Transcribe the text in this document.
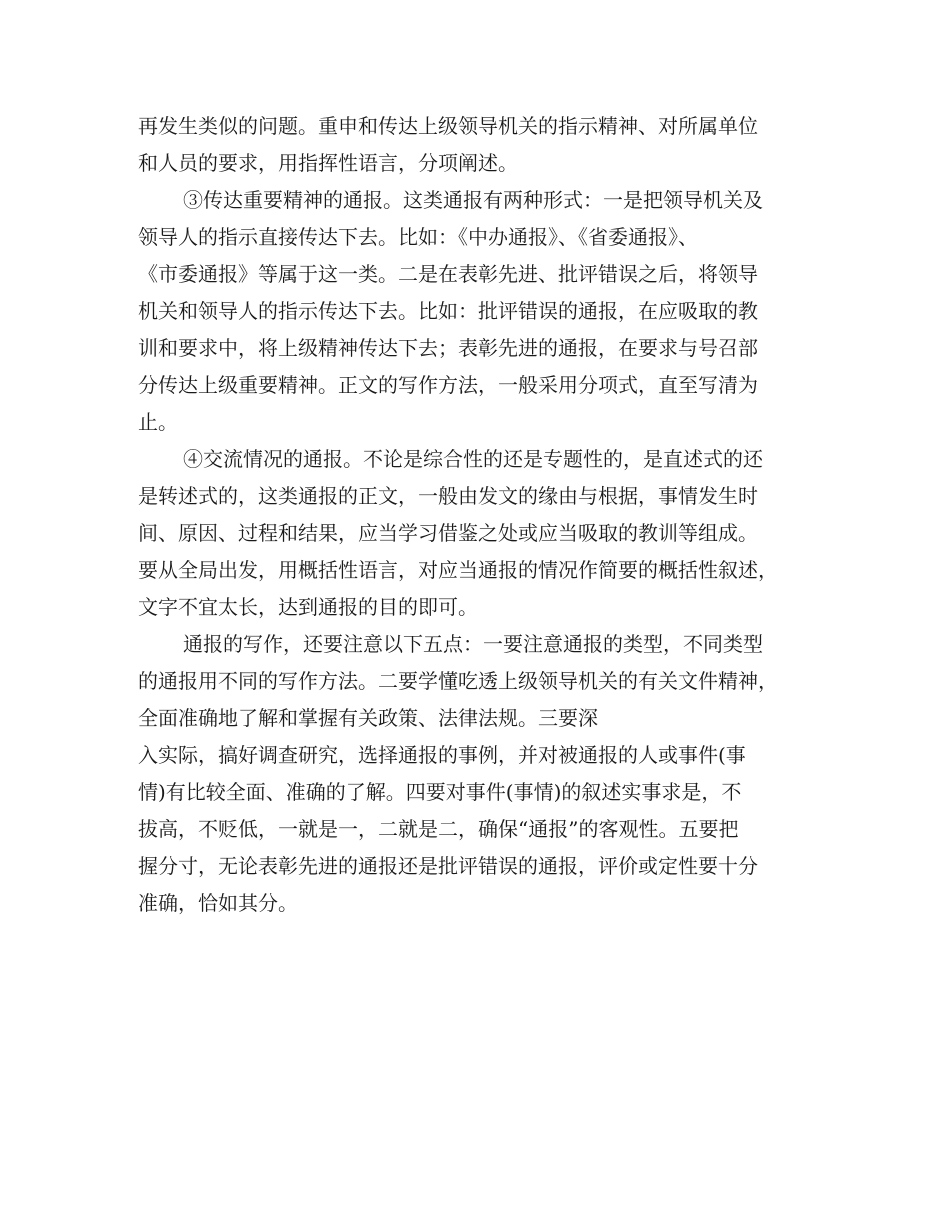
再发生类似的问题。重申和传达上级领导机关的指示精神、对所属单位
和人员的要求，用指挥性语言，分项阐述。
③传达重要精神的通报。这类通报有两种形式：一是把领导机关及
领导人的指示直接传达下去。比如：《中办通报》、《省委通报》、
《市委通报》等属于这一类。二是在表彰先进、批评错误之后，将领导
机关和领导人的指示传达下去。比如：批评错误的通报，在应吸取的教
训和要求中，将上级精神传达下去；表彰先进的通报，在要求与号召部
分传达上级重要精神。正文的写作方法，一般采用分项式，直至写清为
止。
④交流情况的通报。不论是综合性的还是专题性的，是直述式的还
是转述式的，这类通报的正文，一般由发文的缘由与根据，事情发生时
间、原因、过程和结果，应当学习借鉴之处或应当吸取的教训等组成。
要从全局出发，用概括性语言，对应当通报的情况作简要的概括性叙述，
文字不宜太长，达到通报的目的即可。
通报的写作，还要注意以下五点：一要注意通报的类型，不同类型
的通报用不同的写作方法。二要学懂吃透上级领导机关的有关文件精神，
全面准确地了解和掌握有关政策、法律法规。三要深
入实际，搞好调查研究，选择通报的事例，并对被通报的人或事件(事
情)有比较全面、准确的了解。四要对事件(事情)的叙述实事求是，不
拔高，不贬低，一就是一，二就是二，确保“通报”的客观性。五要把
握分寸，无论表彰先进的通报还是批评错误的通报，评价或定性要十分
准确，恰如其分。
